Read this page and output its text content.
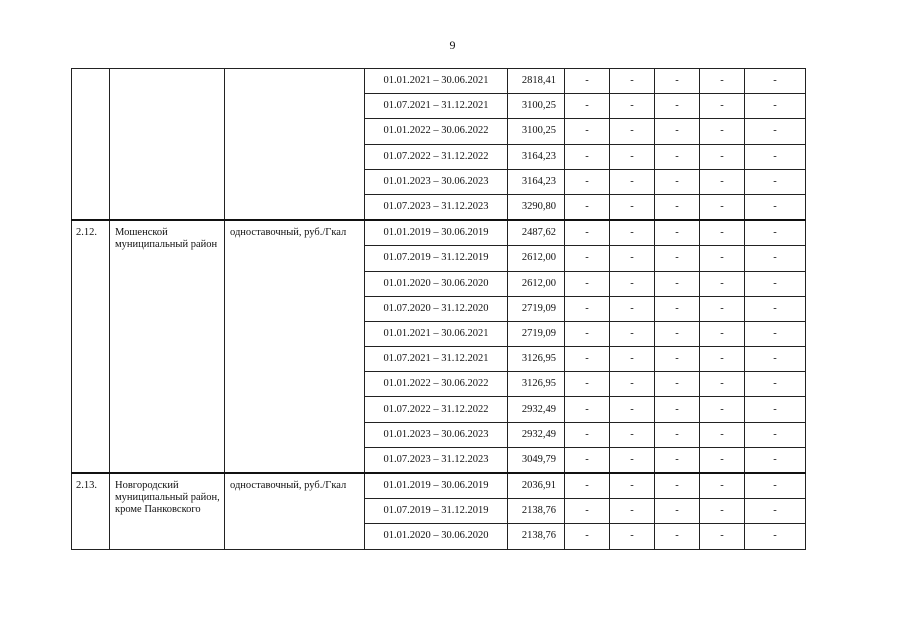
9
			01.01.2021 – 30.06.2021	2818,41	-	-	-	-	-
			01.07.2021 – 31.12.2021	3100,25	-	-	-	-	-
			01.01.2022 – 30.06.2022	3100,25	-	-	-	-	-
			01.07.2022 – 31.12.2022	3164,23	-	-	-	-	-
			01.01.2023 – 30.06.2023	3164,23	-	-	-	-	-
			01.07.2023 – 31.12.2023	3290,80	-	-	-	-	-
2.12.	Мошенской муниципальный район	одноставочный, руб./Гкал	01.01.2019 – 30.06.2019	2487,62	-	-	-	-	-
			01.07.2019 – 31.12.2019	2612,00	-	-	-	-	-
			01.01.2020 – 30.06.2020	2612,00	-	-	-	-	-
			01.07.2020 – 31.12.2020	2719,09	-	-	-	-	-
			01.01.2021 – 30.06.2021	2719,09	-	-	-	-	-
			01.07.2021 – 31.12.2021	3126,95	-	-	-	-	-
			01.01.2022 – 30.06.2022	3126,95	-	-	-	-	-
			01.07.2022 – 31.12.2022	2932,49	-	-	-	-	-
			01.01.2023 – 30.06.2023	2932,49	-	-	-	-	-
			01.07.2023 – 31.12.2023	3049,79	-	-	-	-	-
2.13.	Новгородский муниципальный район, кроме Панковского	одноставочный, руб./Гкал	01.01.2019 – 30.06.2019	2036,91	-	-	-	-	-
			01.07.2019 – 31.12.2019	2138,76	-	-	-	-	-
			01.01.2020 – 30.06.2020	2138,76	-	-	-	-	-
